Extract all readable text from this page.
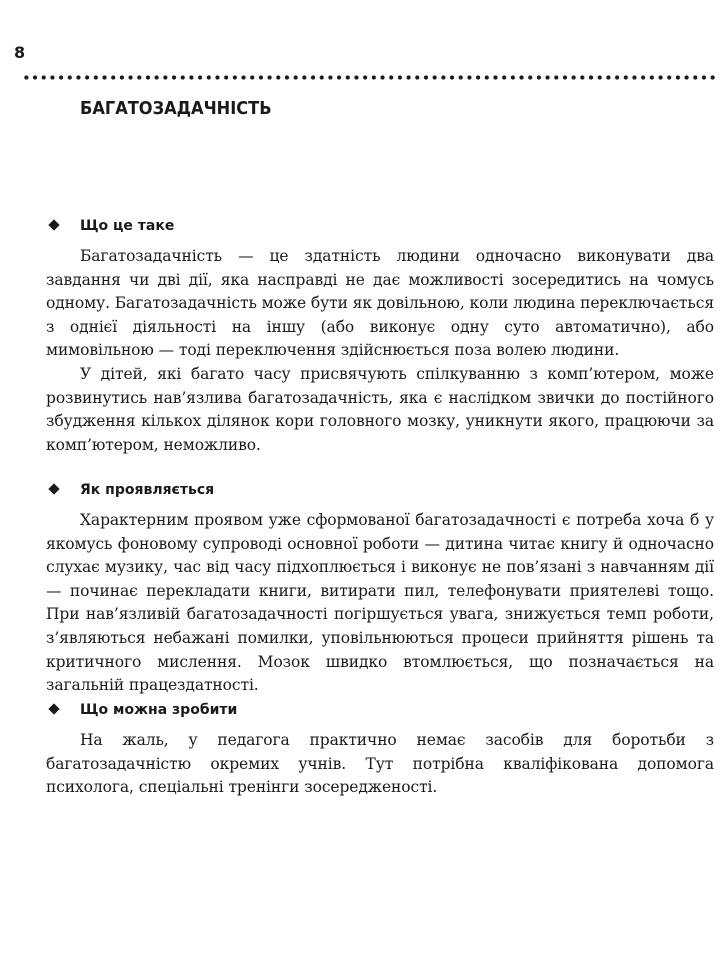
8
БАГАТОЗАДАЧНІСТЬ
Що це таке

Багатозадачність — це здатність людини одночасно виконувати два завдання чи дві дії, яка насправді не дає можливості зосередитись на чомусь одному. Багатозадачність може бути як довільною, коли людина переключається з однієї діяльності на іншу (або виконує одну суто автоматично), або мимовільною — тоді переключення здійснюється поза волею людини.

У дітей, які багато часу присвячують спілкуванню з комп’ютером, може розвинутись нав’язлива багатозадачність, яка є наслідком звички до постійного збудження кількох ділянок кори головного мозку, уникнути якого, працюючи за комп’ютером, неможливо.

Як проявляється

Характерним проявом уже сформованої багатозадачності є потреба хоча б у якомусь фоновому супроводі основної роботи — дитина читає книгу й одночасно слухає музику, час від часу підхоплюється і виконує не пов’язані з навчанням дії — починає перекладати книги, витирати пил, телефонувати приятелеві тощо. При нав’язливій багатозадачності погіршується увага, знижується темп роботи, з’являються небажані помилки, уповільнюються процеси прийняття рішень та критичного мислення. Мозок швидко втомлюється, що позначається на загальній працездатності.

Що можна зробити

На жаль, у педагога практично немає засобів для боротьби з багатозадачністю окремих учнів. Тут потрібна кваліфікована допомога психолога, спеціальні тренінги зосередженості.
